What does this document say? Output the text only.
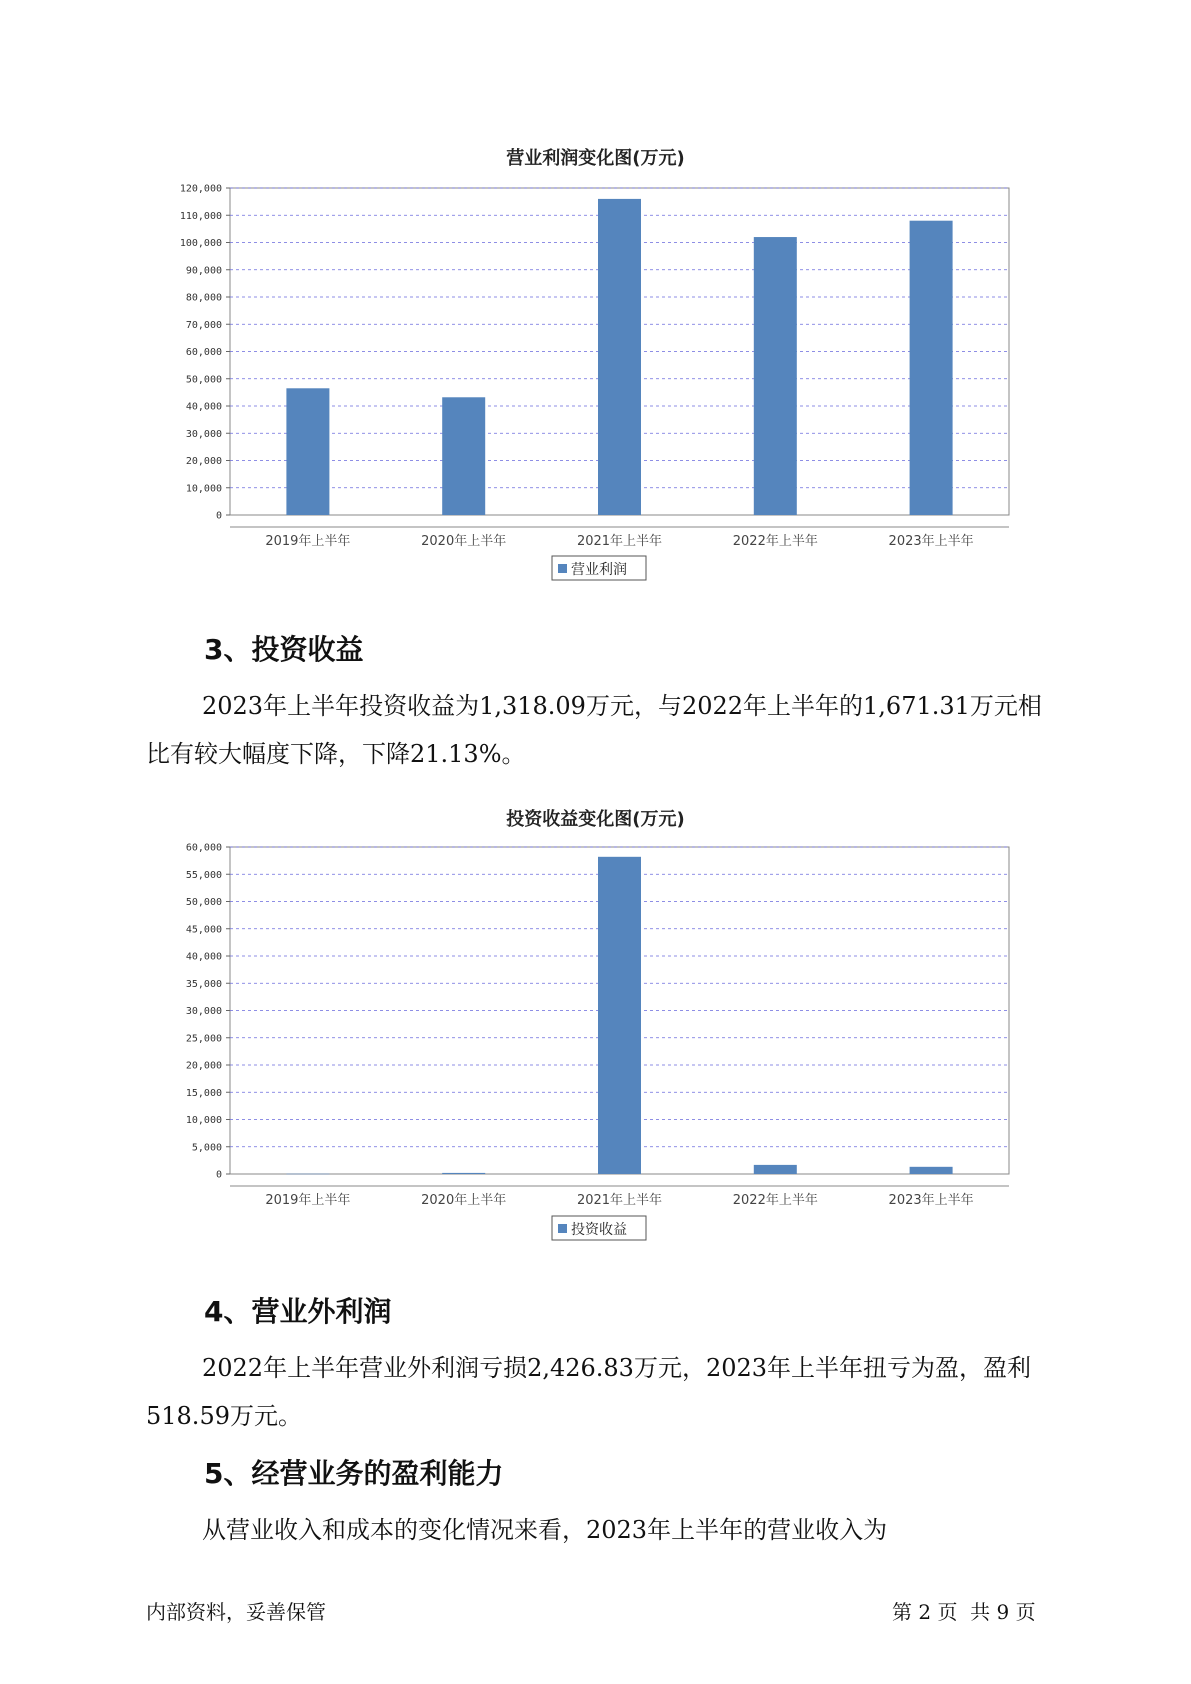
营业利润变化图(万元)
0
10,000
20,000
30,000
40,000
50,000
60,000
70,000
80,000
90,000
100,000
110,000
120,000
2019年上半年	2020年上半年	2021年上半年	2022年上半年	2023年上半年
营业利润
3、投资收益

2023年上半年投资收益为1,318.09万元，与2022年上半年的1,671.31万元相比有较大幅度下降，下降21.13%。

投资收益变化图(万元)
0
5,000
10,000
15,000
20,000
25,000
30,000
35,000
40,000
45,000
50,000
55,000
60,000
2019年上半年	2020年上半年	2021年上半年	2022年上半年	2023年上半年
投资收益
4、营业外利润

2022年上半年营业外利润亏损2,426.83万元，2023年上半年扭亏为盈，盈利518.59万元。

5、经营业务的盈利能力

从营业收入和成本的变化情况来看，2023年上半年的营业收入为

内部资料，妥善保管	第 2 页  共 9 页
